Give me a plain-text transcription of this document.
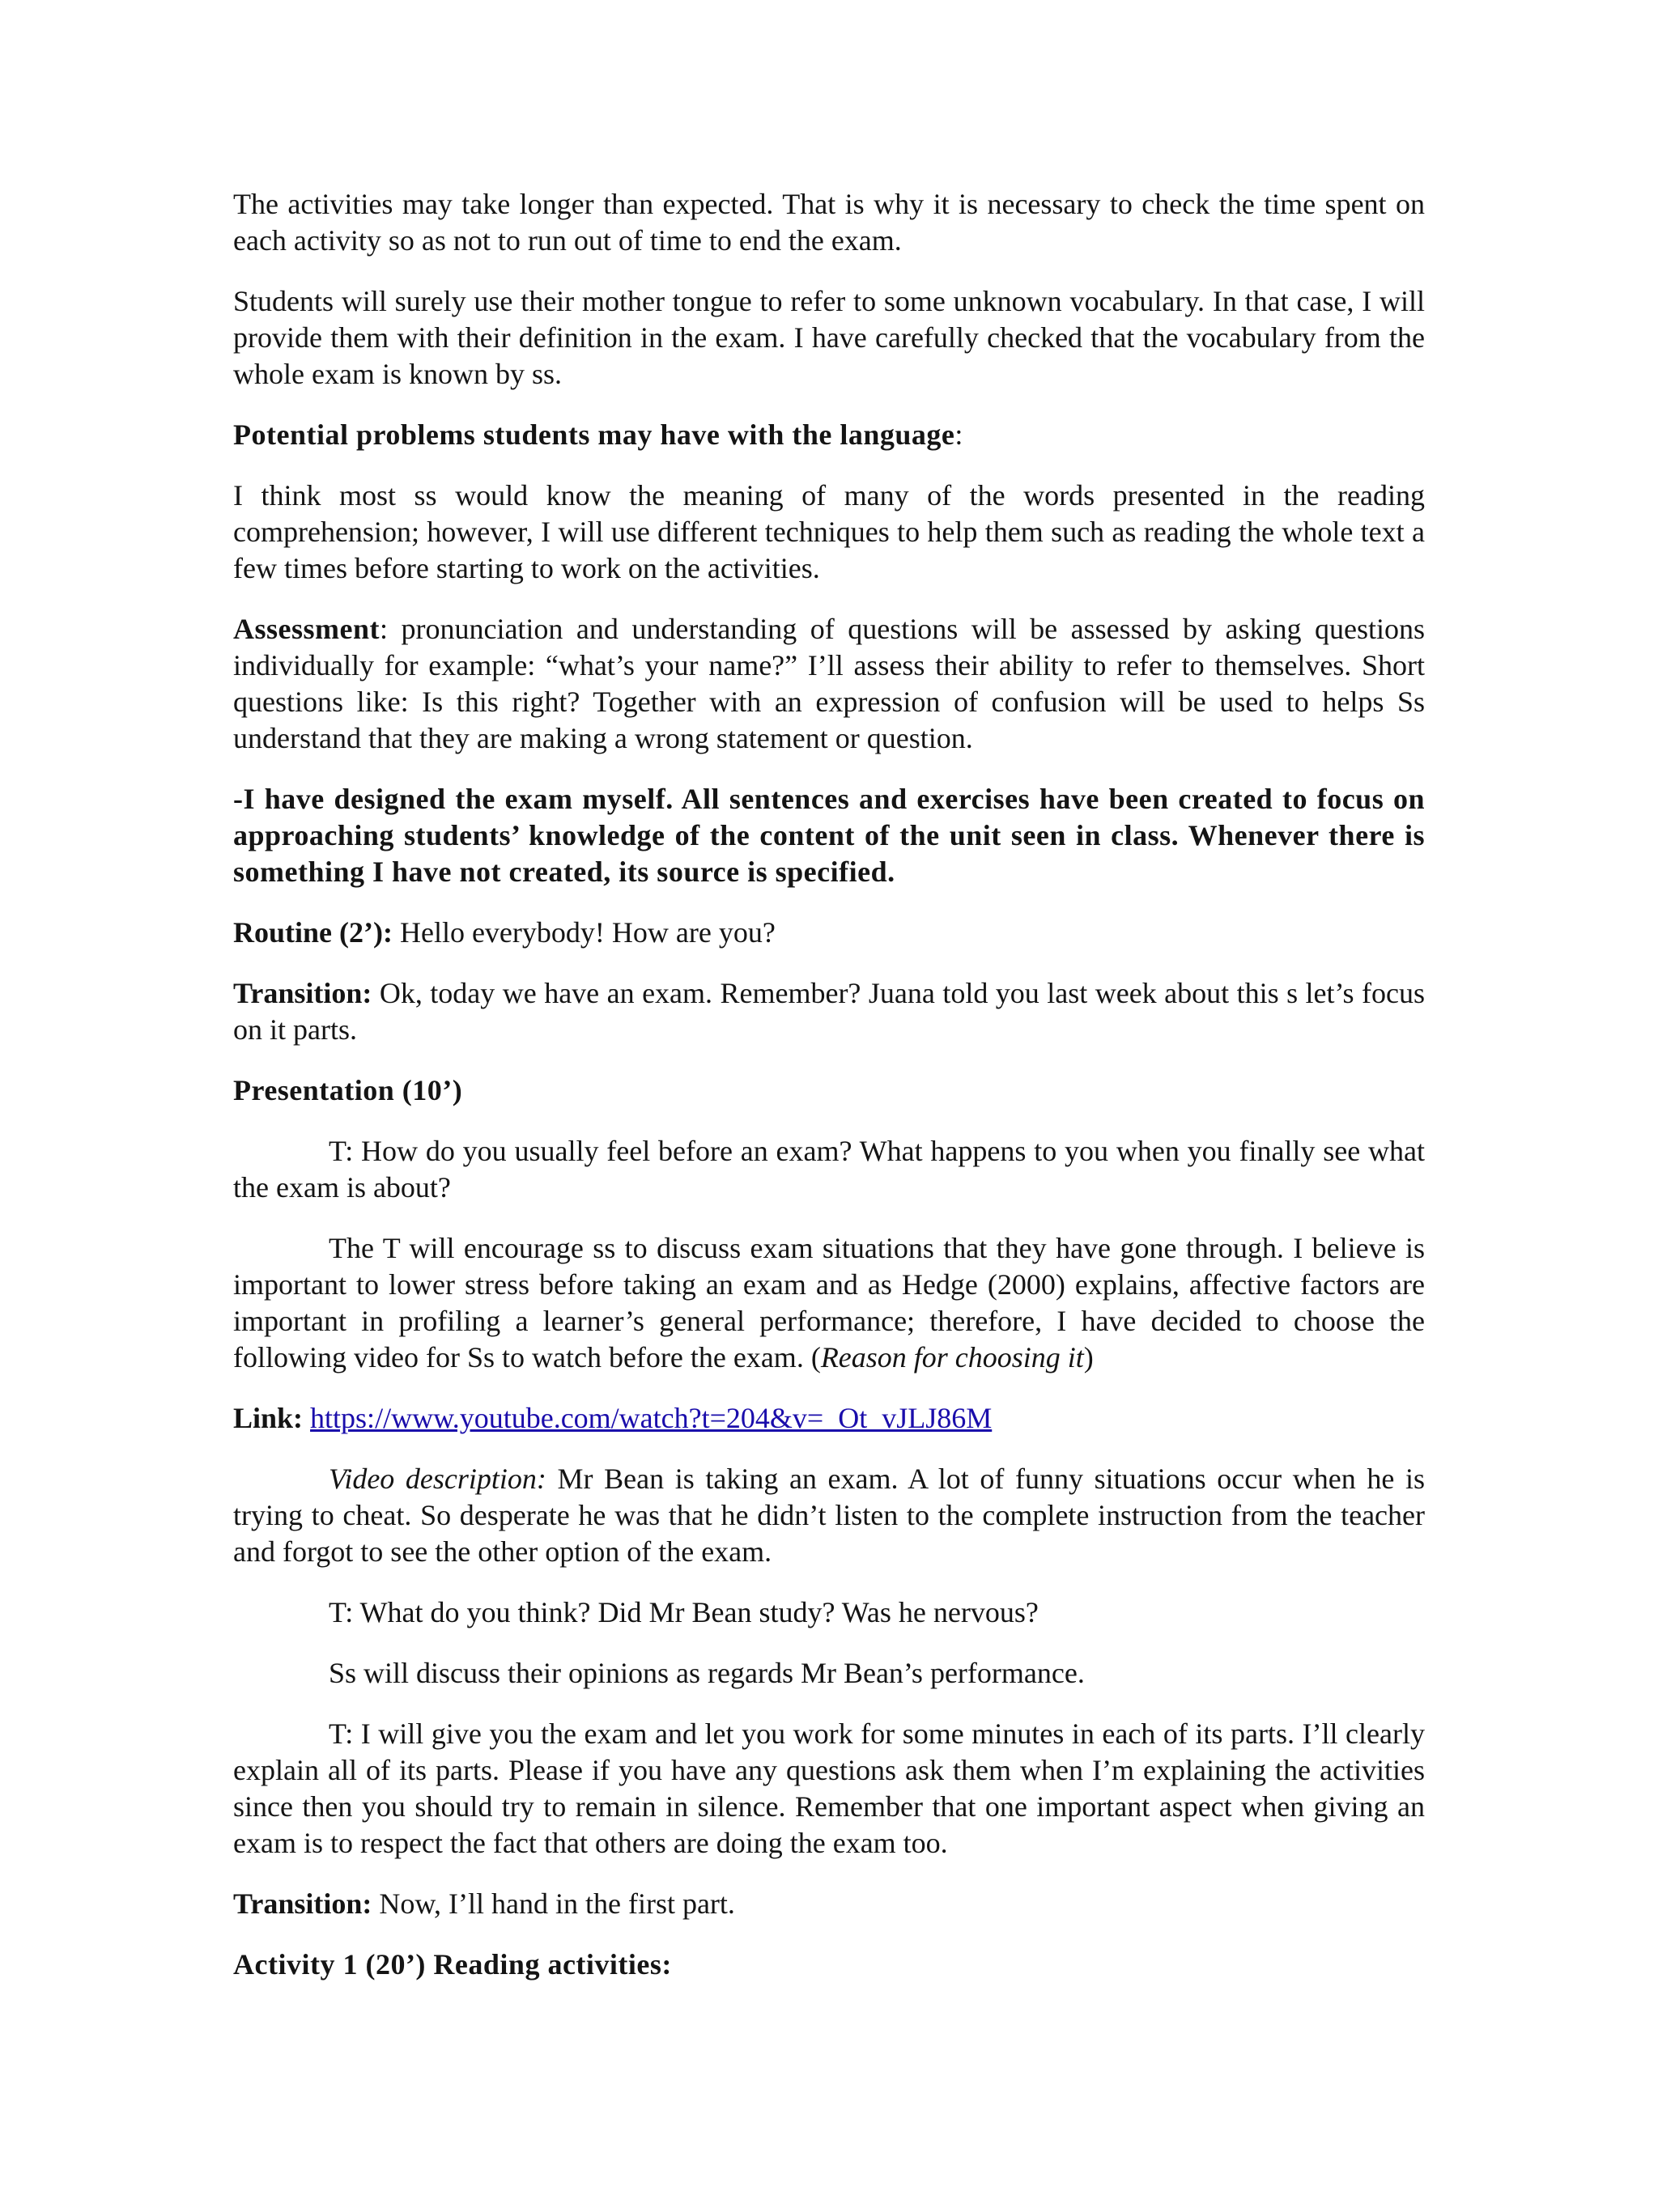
The activities may take longer than expected. That is why it is necessary to check the time spent on each activity so as not to run out of time to end the exam.

Students will surely use their mother tongue to refer to some unknown vocabulary. In that case, I will provide them with their definition in the exam. I have carefully checked that the vocabulary from the whole exam is known by ss.

Potential problems students may have with the language:

I think most ss would know the meaning of many of the words presented in the reading comprehension; however, I will use different techniques to help them such as reading the whole text a few times before starting to work on the activities.

Assessment: pronunciation and understanding of questions will be assessed by asking questions individually for example: “what’s your name?” I’ll assess their ability to refer to themselves. Short questions like: Is this right? Together with an expression of confusion will be used to helps Ss understand that they are making a wrong statement or question.

-I have designed the exam myself. All sentences and exercises have been created to focus on approaching students’ knowledge of the content of the unit seen in class. Whenever there is something I have not created, its source is specified.

Routine (2’): Hello everybody! How are you?

Transition: Ok, today we have an exam. Remember? Juana told you last week about this s let’s focus on it parts.

Presentation (10’)

T: How do you usually feel before an exam? What happens to you when you finally see what the exam is about?

The T will encourage ss to discuss exam situations that they have gone through. I believe is important to lower stress before taking an exam and as Hedge (2000) explains, affective factors are important in profiling a learner’s general performance; therefore, I have decided to choose the following video for Ss to watch before the exam. (Reason for choosing it)

Link: https://www.youtube.com/watch?t=204&v=_Ot_vJLJ86M

Video description: Mr Bean is taking an exam. A lot of funny situations occur when he is trying to cheat. So desperate he was that he didn’t listen to the complete instruction from the teacher and forgot to see the other option of the exam.

T: What do you think? Did Mr Bean study? Was he nervous?

Ss will discuss their opinions as regards Mr Bean’s performance.

T: I will give you the exam and let you work for some minutes in each of its parts. I’ll clearly explain all of its parts. Please if you have any questions ask them when I’m explaining the activities since then you should try to remain in silence. Remember that one important aspect when giving an exam is to respect the fact that others are doing the exam too.

Transition: Now, I’ll hand in the first part.

Activity 1 (20’) Reading activities:
